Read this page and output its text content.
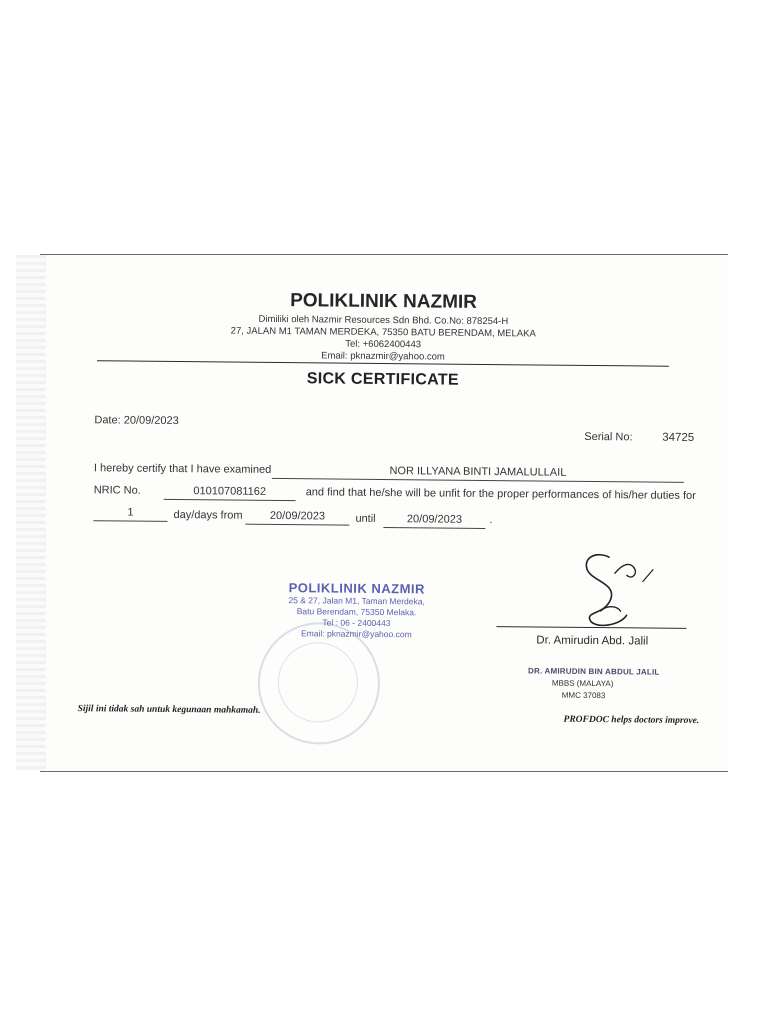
POLIKLINIK NAZMIR
Dimiliki oleh Nazmir Resources Sdn Bhd. Co.No: 878254-H
27, JALAN M1 TAMAN MERDEKA, 75350 BATU BERENDAM, MELAKA
Tel: +6062400443
Email: pknazmir@yahoo.com
SICK CERTIFICATE
Date: 20/09/2023
Serial No:	34725
I hereby certify that I have examined	NOR ILLYANA BINTI JAMALULLAIL
NRIC No.	010107081162	and find that he/she will be unfit for the proper performances of his/her duties for
1	day/days from	20/09/2023	until	20/09/2023	.
POLIKLINIK NAZMIR
25 & 27, Jalan M1, Taman Merdeka,
Batu Berendam, 75350 Melaka.
Tel : 06 - 2400443
Email: pknazmir@yahoo.com
Dr. Amirudin Abd. Jalil
DR. AMIRUDIN BIN ABDUL JALIL
MBBS (MALAYA)
MMC 37083
Sijil ini tidak sah untuk kegunaan mahkamah.
PROFDOC helps doctors improve.
